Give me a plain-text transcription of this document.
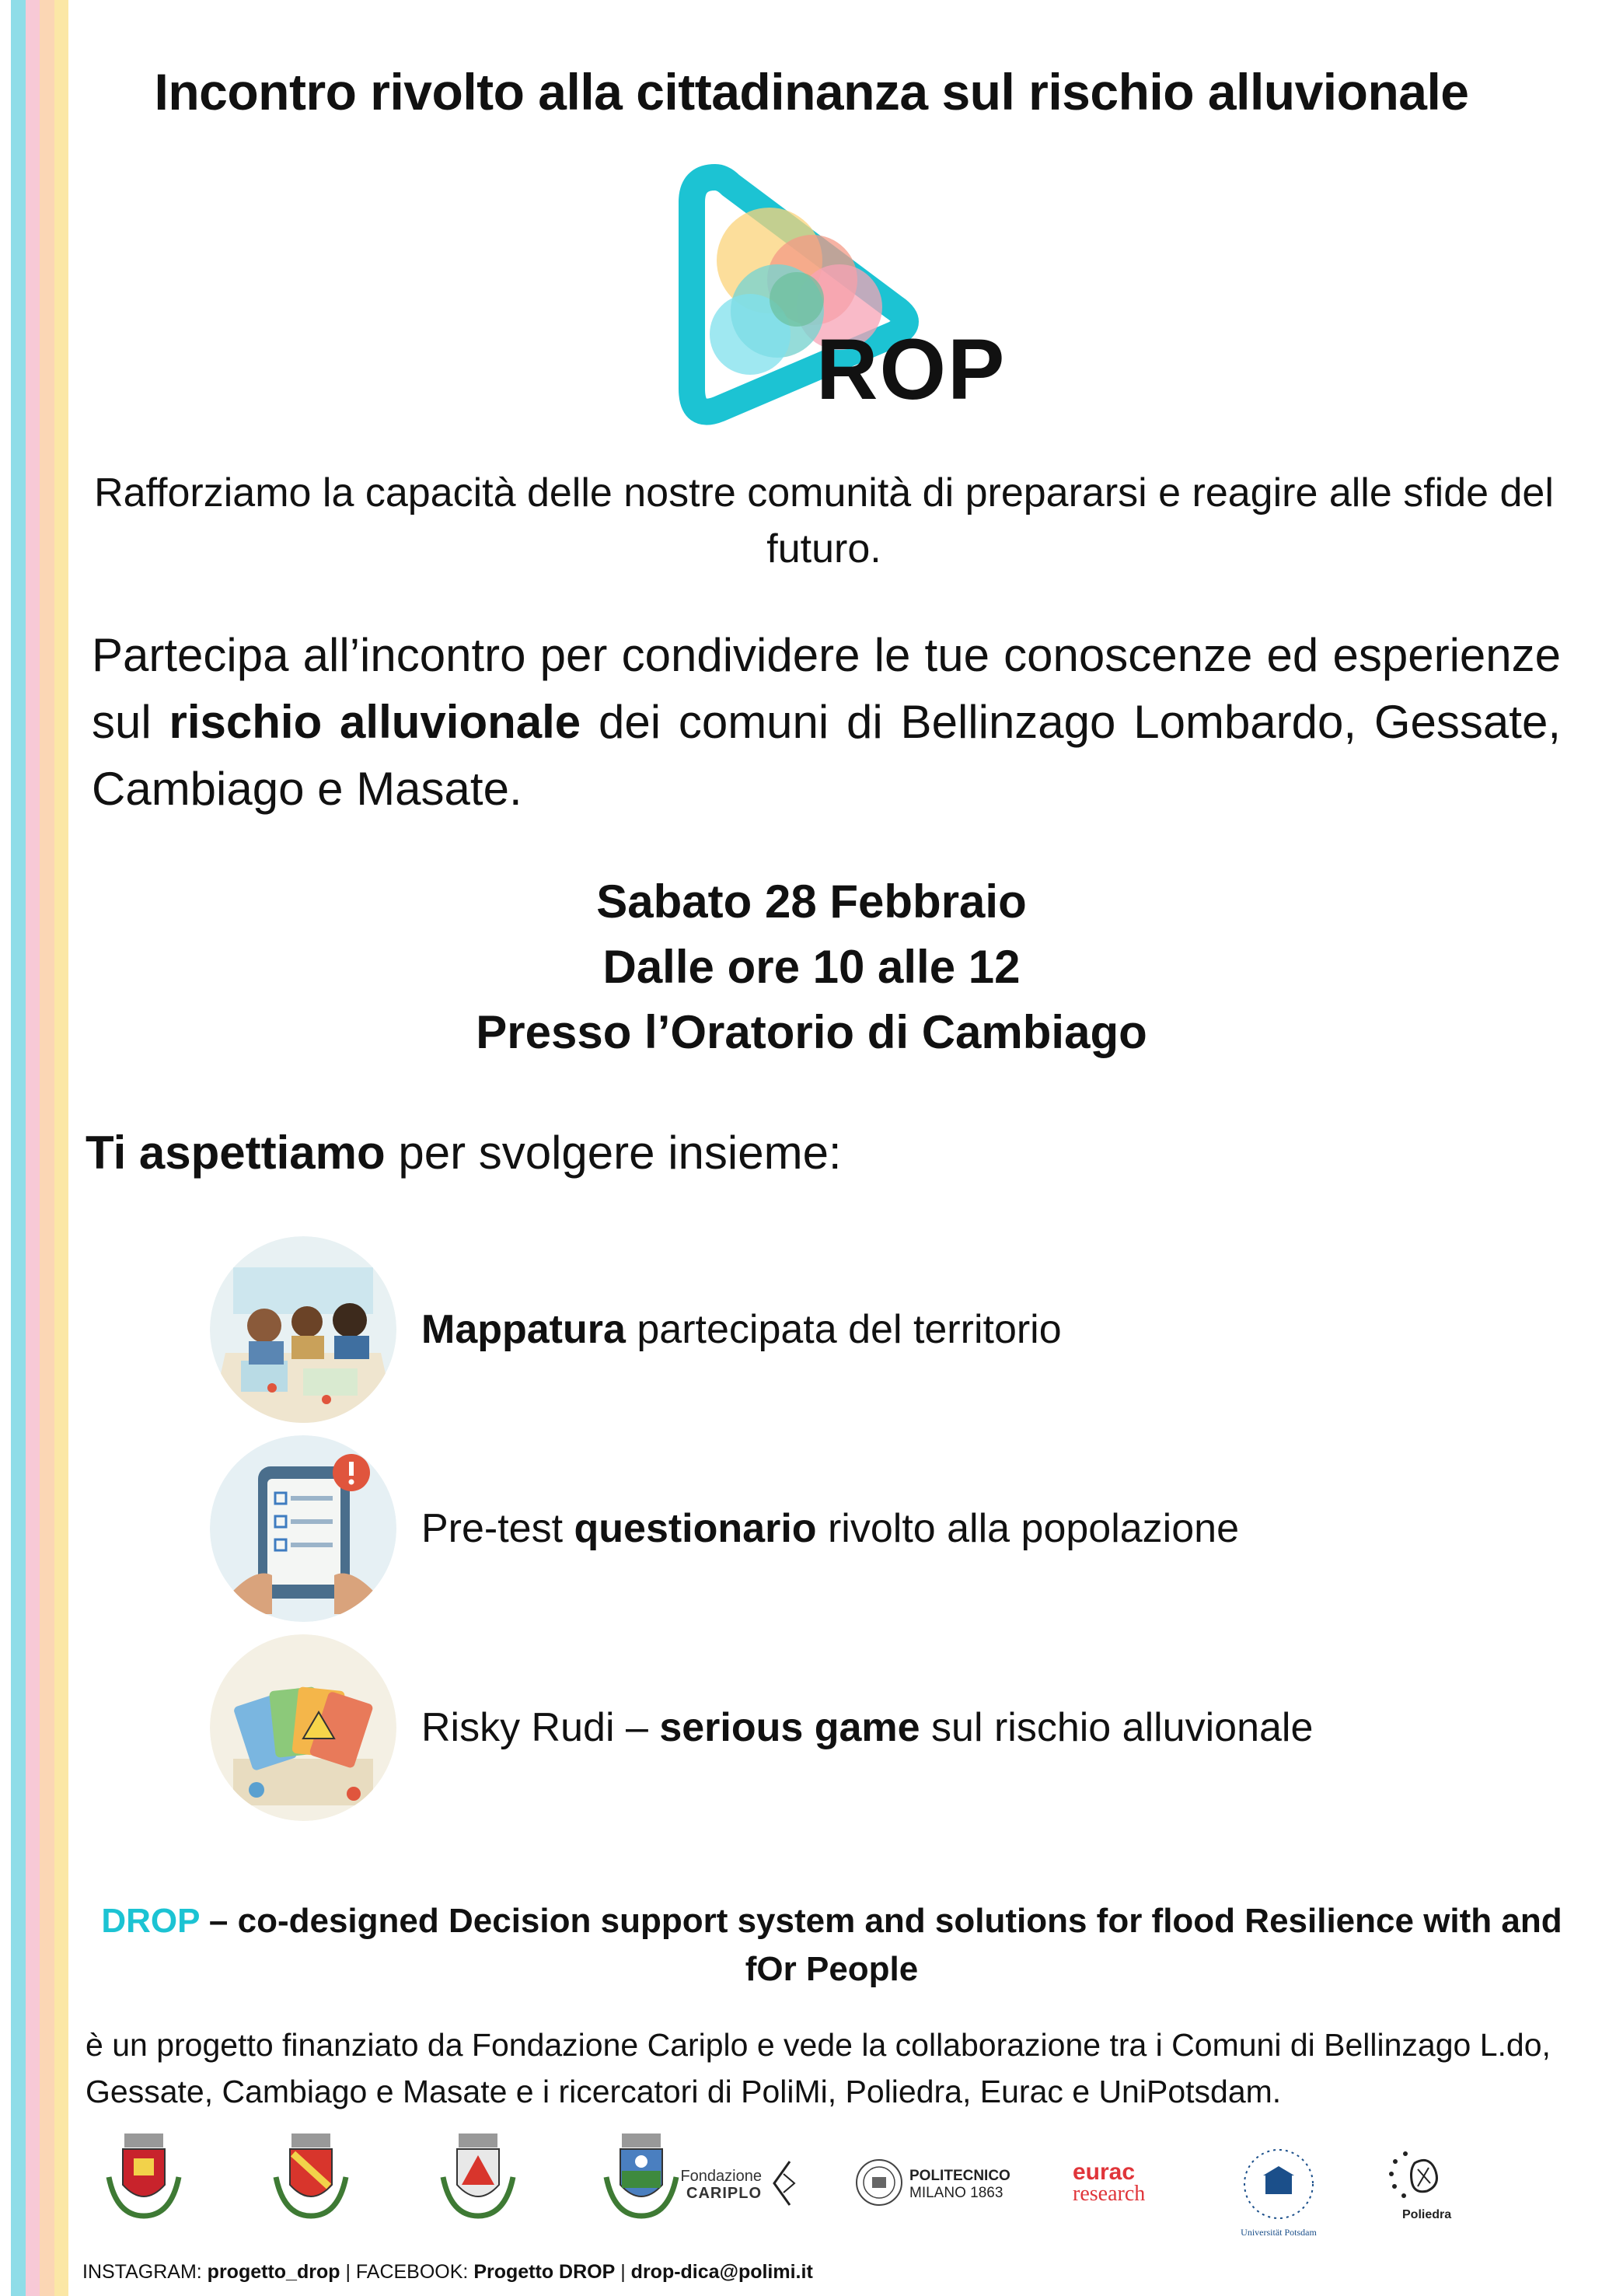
Incontro rivolto alla cittadinanza sul rischio alluvionale
ROP
Rafforziamo la capacità delle nostre comunità di prepararsi e reagire alle sfide del futuro.
Partecipa all’incontro per condividere le tue conoscenze ed esperienze sul rischio alluvionale dei comuni di Bellinzago Lombardo, Gessate, Cambiago e Masate.
Sabato 28 Febbraio
Dalle ore 10 alle 12
Presso l’Oratorio di Cambiago
Ti aspettiamo per svolgere insieme:
Mappatura partecipata del territorio
Pre-test questionario rivolto alla popolazione
Risky Rudi – serious game sul rischio alluvionale
DROP – co-designed Decision support system and solutions for flood Resilience with and fOr People
è un progetto finanziato da Fondazione Cariplo e vede la collaborazione tra i Comuni di Bellinzago L.do, Gessate, Cambiago e Masate e i ricercatori di PoliMi, Poliedra, Eurac e UniPotsdam.
Fondazione
CARIPLO
POLITECNICO
MILANO 1863
eurac
research
Universität Potsdam
Poliedra
INSTAGRAM: progetto_drop | FACEBOOK: Progetto DROP | drop-dica@polimi.it
